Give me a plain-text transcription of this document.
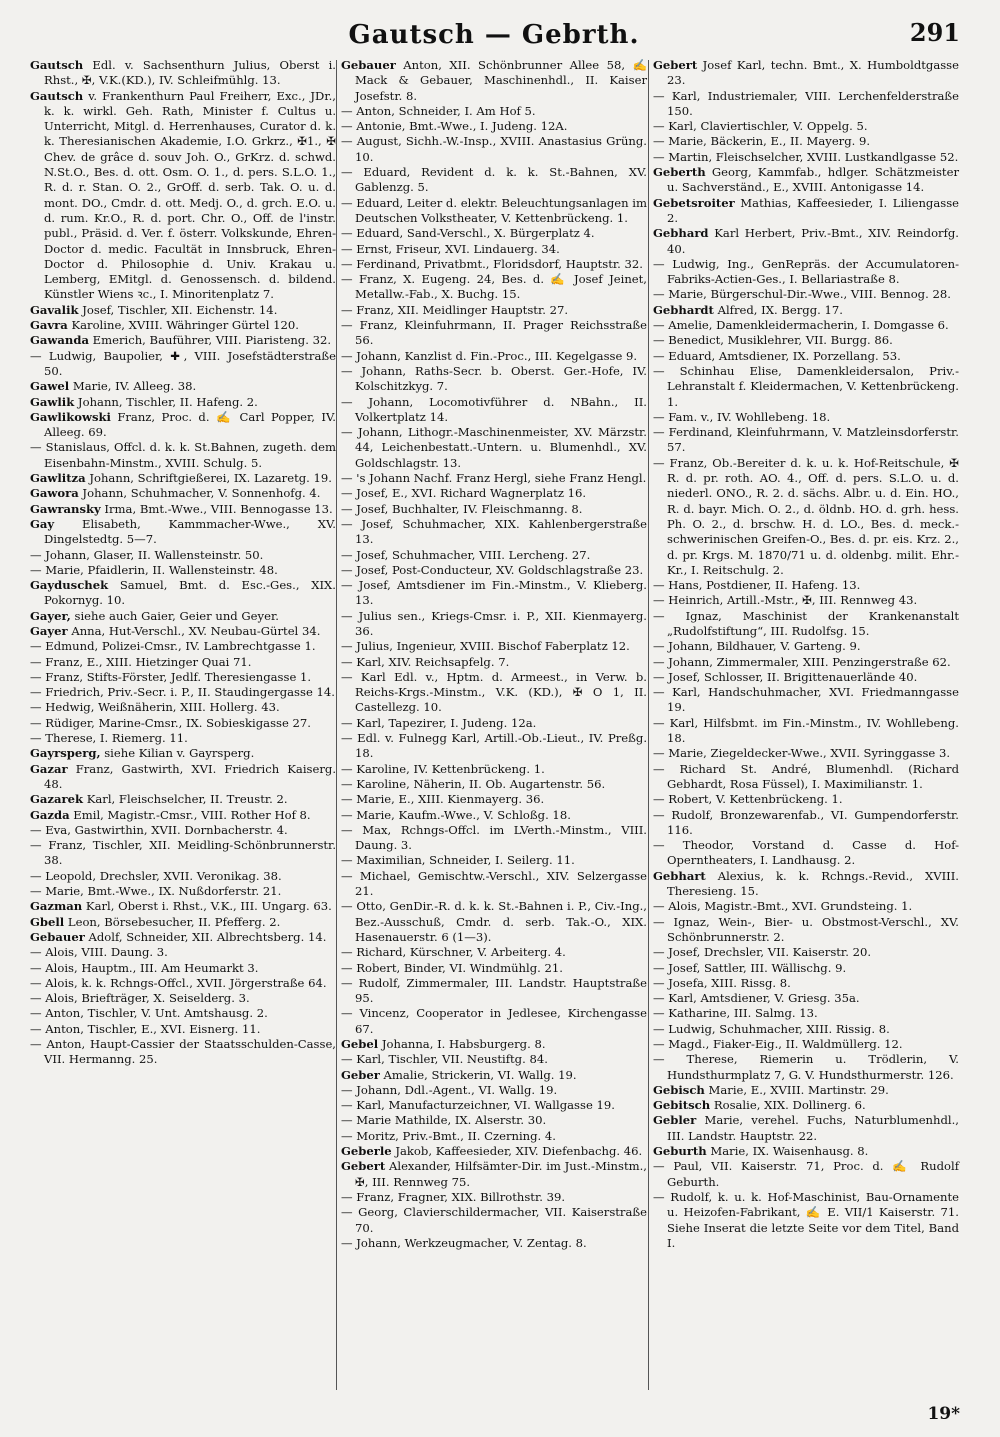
Gautsch — Gebrth.	291

Gautsch Edl. v. Sachsenthurn Julius, Oberst i. Rhst., ✠, V.K.(KD.), IV. Schleifmühlg. 13.

Gautsch v. Frankenthurn Paul Freiherr, Exc., JDr., k. k. wirkl. Geh. Rath, Minister f. Cultus u. Unterricht, Mitgl. d. Herrenhauses, Curator d. k. k. Theresianischen Akademie, I.O. Grkrz., ✠1., ✠ Chev. de grâce d. souv Joh. O., GrKrz. d. schwd. N.St.O., Bes. d. ott. Osm. O. 1., d. pers. S.L.O. 1., R. d. r. Stan. O. 2., GrOff. d. serb. Tak. O. u. d. mont. DO., Cmdr. d. ott. Medj. O., d. grch. E.O. u. d. rum. Kr.O., R. d. port. Chr. O., Off. de l'instr. publ., Präsid. d. Ver. f. österr. Volkskunde, Ehren-Doctor d. medic. Facultät in Innsbruck, Ehren-Doctor d. Philosophie d. Univ. Krakau u. Lemberg, EMitgl. d. Genossensch. d. bildend. Künstler Wiens ꝛc., I. Minoritenplatz 7.

Gavalik Josef, Tischler, XII. Eichenstr. 14.

Gavra Karoline, XVIII. Währinger Gürtel 120.

Gawanda Emerich, Bauführer, VIII. Piaristeng. 32.

— Ludwig, Baupolier, ✚, VIII. Josefstädterstraße 50.

Gawel Marie, IV. Alleeg. 38.

Gawlik Johann, Tischler, II. Hafeng. 2.

Gawlikowski Franz, Proc. d. ✍ Carl Popper, IV. Alleeg. 69.

— Stanislaus, Offcl. d. k. k. St.Bahnen, zugeth. dem Eisenbahn-Minstm., XVIII. Schulg. 5.

Gawlitza Johann, Schriftgießerei, IX. Lazaretg. 19.

Gawora Johann, Schuhmacher, V. Sonnenhofg. 4.

Gawransky Irma, Bmt.-Wwe., VIII. Bennogasse 13.

Gay Elisabeth, Kammmacher-Wwe., XV. Dingelstedtg. 5—7.

— Johann, Glaser, II. Wallensteinstr. 50.

— Marie, Pfaidlerin, II. Wallensteinstr. 48.

Gayduschek Samuel, Bmt. d. Esc.-Ges., XIX. Pokornyg. 10.

Gayer, siehe auch Gaier, Geier und Geyer.

Gayer Anna, Hut-Verschl., XV. Neubau-Gürtel 34.

— Edmund, Polizei-Cmsr., IV. Lambrechtgasse 1.

— Franz, E., XIII. Hietzinger Quai 71.

— Franz, Stifts-Förster, Jedlf. Theresiengasse 1.

— Friedrich, Priv.-Secr. i. P., II. Staudingergasse 14.

— Hedwig, Weißnäherin, XIII. Hollerg. 43.

— Rüdiger, Marine-Cmsr., IX. Sobieskigasse 27.

— Therese, I. Riemerg. 11.

Gayrsperg, siehe Kilian v. Gayrsperg.

Gazar Franz, Gastwirth, XVI. Friedrich Kaiserg. 48.

Gazarek Karl, Fleischselcher, II. Treustr. 2.

Gazda Emil, Magistr.-Cmsr., VIII. Rother Hof 8.

— Eva, Gastwirthin, XVII. Dornbacherstr. 4.

— Franz, Tischler, XII. Meidling-Schönbrunnerstr. 38.

— Leopold, Drechsler, XVII. Veronikag. 38.

— Marie, Bmt.-Wwe., IX. Nußdorferstr. 21.

Gazman Karl, Oberst i. Rhst., V.K., III. Ungarg. 63.

Gbell Leon, Börsebesucher, II. Pfefferg. 2.

Gebauer Adolf, Schneider, XII. Albrechtsberg. 14.

— Alois, VIII. Daung. 3.

— Alois, Hauptm., III. Am Heumarkt 3.

— Alois, k. k. Rchngs-Offcl., XVII. Jörgerstraße 64.

— Alois, Briefträger, X. Seiselderg. 3.

— Anton, Tischler, V. Unt. Amtshausg. 2.

— Anton, Tischler, E., XVI. Eisnerg. 11.

— Anton, Haupt-Cassier der Staatsschulden-Casse, VII. Hermanng. 25.

Gebauer Anton, XII. Schönbrunner Allee 58, ✍ Mack & Gebauer, Maschinenhdl., II. Kaiser Josefstr. 8.

— Anton, Schneider, I. Am Hof 5.

— Antonie, Bmt.-Wwe., I. Judeng. 12A.

— August, Sichh.-W.-Insp., XVIII. Anastasius Grüng. 10.

— Eduard, Revident d. k. k. St.-Bahnen, XV. Gablenzg. 5.

— Eduard, Leiter d. elektr. Beleuchtungsanlagen im Deutschen Volkstheater, V. Kettenbrückeng. 1.

— Eduard, Sand-Verschl., X. Bürgerplatz 4.

— Ernst, Friseur, XVI. Lindauerg. 34.

— Ferdinand, Privatbmt., Floridsdorf, Hauptstr. 32.

— Franz, X. Eugeng. 24, Bes. d. ✍ Josef Jeinet, Metallw.-Fab., X. Buchg. 15.

— Franz, XII. Meidlinger Hauptstr. 27.

— Franz, Kleinfuhrmann, II. Prager Reichsstraße 56.

— Johann, Kanzlist d. Fin.-Proc., III. Kegelgasse 9.

— Johann, Raths-Secr. b. Oberst. Ger.-Hofe, IV. Kolschitzkyg. 7.

— Johann, Locomotivführer d. NBahn., II. Volkertplatz 14.

— Johann, Lithogr.-Maschinenmeister, XV. Märzstr. 44, Leichenbestatt.-Untern. u. Blumenhdl., XV. Goldschlagstr. 13.

— 's Johann Nachf. Franz Hergl, siehe Franz Hengl.

— Josef, E., XVI. Richard Wagnerplatz 16.

— Josef, Buchhalter, IV. Fleischmanng. 8.

— Josef, Schuhmacher, XIX. Kahlenbergerstraße 13.

— Josef, Schuhmacher, VIII. Lercheng. 27.

— Josef, Post-Conducteur, XV. Goldschlagstraße 23.

— Josef, Amtsdiener im Fin.-Minstm., V. Klieberg. 13.

— Julius sen., Kriegs-Cmsr. i. P., XII. Kienmayerg. 36.

— Julius, Ingenieur, XVIII. Bischof Faberplatz 12.

— Karl, XIV. Reichsapfelg. 7.

— Karl Edl. v., Hptm. d. Armeest., in Verw. b. Reichs-Krgs.-Minstm., V.K. (KD.), ✠ O 1, II. Castellezg. 10.

— Karl, Tapezirer, I. Judeng. 12a.

— Edl. v. Fulnegg Karl, Artill.-Ob.-Lieut., IV. Preßg. 18.

— Karoline, IV. Kettenbrückeng. 1.

— Karoline, Näherin, II. Ob. Augartenstr. 56.

— Marie, E., XIII. Kienmayerg. 36.

— Marie, Kaufm.-Wwe., V. Schloßg. 18.

— Max, Rchngs-Offcl. im LVerth.-Minstm., VIII. Daung. 3.

— Maximilian, Schneider, I. Seilerg. 11.

— Michael, Gemischtw.-Verschl., XIV. Selzergasse 21.

— Otto, GenDir.-R. d. k. k. St.-Bahnen i. P., Civ.-Ing., Bez.-Ausschuß, Cmdr. d. serb. Tak.-O., XIX. Hasenauerstr. 6 (1—3).

— Richard, Kürschner, V. Arbeiterg. 4.

— Robert, Binder, VI. Windmühlg. 21.

— Rudolf, Zimmermaler, III. Landstr. Hauptstraße 95.

— Vincenz, Cooperator in Jedlesee, Kirchengasse 67.

Gebel Johanna, I. Habsburgerg. 8.

— Karl, Tischler, VII. Neustiftg. 84.

Geber Amalie, Strickerin, VI. Wallg. 19.

— Johann, Ddl.-Agent., VI. Wallg. 19.

— Karl, Manufacturzeichner, VI. Wallgasse 19.

— Marie Mathilde, IX. Alserstr. 30.

— Moritz, Priv.-Bmt., II. Czerning. 4.

Geberle Jakob, Kaffeesieder, XIV. Diefenbachg. 46.

Gebert Alexander, Hilfsämter-Dir. im Just.-Minstm., ✠, III. Rennweg 75.

— Franz, Fragner, XIX. Billrothstr. 39.

— Georg, Clavierschildermacher, VII. Kaiserstraße 70.

— Johann, Werkzeugmacher, V. Zentag. 8.

Gebert Josef Karl, techn. Bmt., X. Humboldtgasse 23.

— Karl, Industriemaler, VIII. Lerchenfelderstraße 150.

— Karl, Claviertischler, V. Oppelg. 5.

— Marie, Bäckerin, E., II. Mayerg. 9.

— Martin, Fleischselcher, XVIII. Lustkandlgasse 52.

Geberth Georg, Kammfab., hdlger. Schätzmeister u. Sachverständ., E., XVIII. Antonigasse 14.

Gebetsroiter Mathias, Kaffeesieder, I. Liliengasse 2.

Gebhard Karl Herbert, Priv.-Bmt., XIV. Reindorfg. 40.

— Ludwig, Ing., GenRepräs. der Accumulatoren-Fabriks-Actien-Ges., I. Bellariastraße 8.

— Marie, Bürgerschul-Dir.-Wwe., VIII. Bennog. 28.

Gebhardt Alfred, IX. Bergg. 17.

— Amelie, Damenkleidermacherin, I. Domgasse 6.

— Benedict, Musiklehrer, VII. Burgg. 86.

— Eduard, Amtsdiener, IX. Porzellang. 53.

— Schinhau Elise, Damenkleidersalon, Priv.-Lehranstalt f. Kleidermachen, V. Kettenbrückeng. 1.

— Fam. v., IV. Wohllebeng. 18.

— Ferdinand, Kleinfuhrmann, V. Matzleinsdorferstr. 57.

— Franz, Ob.-Bereiter d. k. u. k. Hof-Reitschule, ✠ R. d. pr. roth. AO. 4., Off. d. pers. S.L.O. u. d. niederl. ONO., R. 2. d. sächs. Albr. u. d. Ein. HO., R. d. bayr. Mich. O. 2., d. öldnb. HO. d. grh. hess. Ph. O. 2., d. brschw. H. d. LO., Bes. d. meck.-schwerinischen Greifen-O., Bes. d. pr. eis. Krz. 2., d. pr. Krgs. M. 1870/71 u. d. oldenbg. milit. Ehr.-Kr., I. Reitschulg. 2.

— Hans, Postdiener, II. Hafeng. 13.

— Heinrich, Artill.-Mstr., ✠, III. Rennweg 43.

— Ignaz, Maschinist der Krankenanstalt „Rudolfstiftung“, III. Rudolfsg. 15.

— Johann, Bildhauer, V. Garteng. 9.

— Johann, Zimmermaler, XIII. Penzingerstraße 62.

— Josef, Schlosser, II. Brigittenauerlände 40.

— Karl, Handschuhmacher, XVI. Friedmanngasse 19.

— Karl, Hilfsbmt. im Fin.-Minstm., IV. Wohllebeng. 18.

— Marie, Ziegeldecker-Wwe., XVII. Syringgasse 3.

— Richard St. André, Blumenhdl. (Richard Gebhardt, Rosa Füssel), I. Maximilianstr. 1.

— Robert, V. Kettenbrückeng. 1.

— Rudolf, Bronzewarenfab., VI. Gumpendorferstr. 116.

— Theodor, Vorstand d. Casse d. Hof-Operntheaters, I. Landhausg. 2.

Gebhart Alexius, k. k. Rchngs.-Revid., XVIII. Theresieng. 15.

— Alois, Magistr.-Bmt., XVI. Grundsteing. 1.

— Ignaz, Wein-, Bier- u. Obstmost-Verschl., XV. Schönbrunnerstr. 2.

— Josef, Drechsler, VII. Kaiserstr. 20.

— Josef, Sattler, III. Wällischg. 9.

— Josefa, XIII. Rissg. 8.

— Karl, Amtsdiener, V. Griesg. 35a.

— Katharine, III. Salmg. 13.

— Ludwig, Schuhmacher, XIII. Rissig. 8.

— Magd., Fiaker-Eig., II. Waldmüllerg. 12.

— Therese, Riemerin u. Trödlerin, V. Hundsthurmplatz 7, G. V. Hundsthurmerstr. 126.

Gebisch Marie, E., XVIII. Martinstr. 29.

Gebitsch Rosalie, XIX. Dollinerg. 6.

Gebler Marie, verehel. Fuchs, Naturblumenhdl., III. Landstr. Hauptstr. 22.

Geburth Marie, IX. Waisenhausg. 8.

— Paul, VII. Kaiserstr. 71, Proc. d. ✍ Rudolf Geburth.

— Rudolf, k. u. k. Hof-Maschinist, Bau-Ornamente u. Heizofen-Fabrikant, ✍ E. VII/1 Kaiserstr. 71. Siehe Inserat die letzte Seite vor dem Titel, Band I.

19*
